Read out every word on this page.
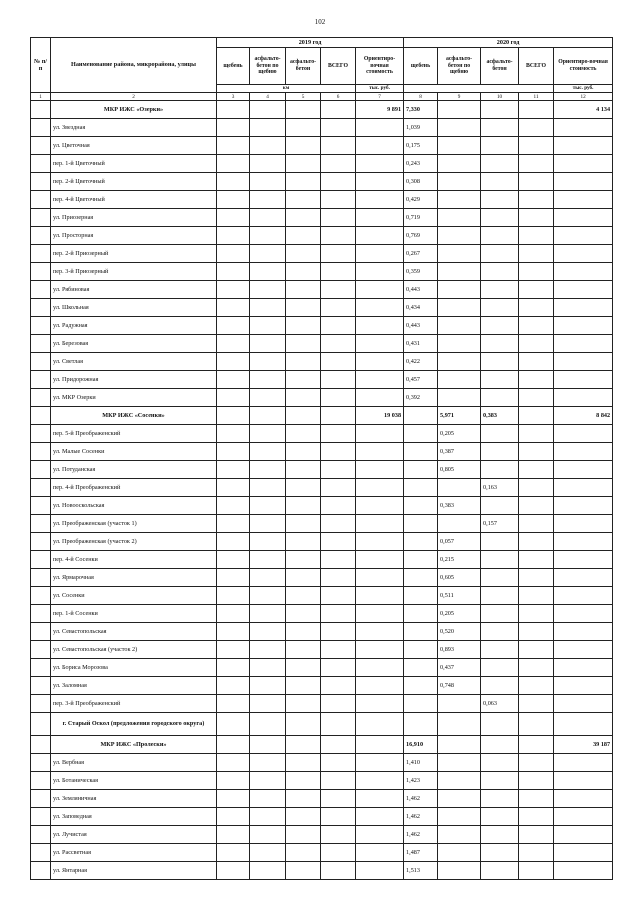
102
№ п/п	Наименование района, микрорайона, улицы	2019 год					2020 год				
		щебень	асфальто-бетон по щебню	асфальто-бетон	ВСЕГО	Ориентиро-вочная стоимость	щебень	асфальто-бетон по щебню	асфальто-бетон	ВСЕГО	Ориентиро-вочная стоимость
		км				тыс. руб.					тыс. руб.
1	2	3	4	5	6	7	8	9	10	11	12
	МКР ИЖС «Озерки»					9 891	7,330				4 134
	ул. Звездная						1,039				
	ул. Цветочная						0,175				
	пер. 1-й Цветочный						0,243				
	пер. 2-й Цветочный						0,308				
	пер. 4-й Цветочный						0,429				
	ул. Приозерная						0,719				
	ул. Просторная						0,769				
	пер. 2-й Приозерный						0,267				
	пер. 3-й Приозерный						0,359				
	ул. Рябиновая						0,443				
	ул. Школьная						0,434				
	ул. Радужная						0,443				
	ул. Березовая						0,431				
	ул. Светлая						0,422				
	ул. Придорожная						0,457				
	ул. МКР Озерки						0,392				
	МКР ИЖС «Сосенки»					19 038		5,971	0,383		8 842
	пер. 5-й Преображенский							0,205			
	ул. Малые Сосенки							0,387			
	ул. Потуданская							0,805			
	пер. 4-й Преображенский								0,163		
	ул. Новооскольская							0,383			
	ул. Преображенская (участок 1)								0,157		
	ул. Преображенская (участок 2)							0,057			
	пер. 4-й Сосенки							0,215			
	ул. Ярмарочная							0,605			
	ул. Сосенки							0,511			
	пер. 1-й Сосенки							0,205			
	ул. Севастопольская							0,520			
	ул. Севастопольская (участок 2)							0,893			
	ул. Бориса Морозова							0,437			
	ул. Заломная							0,748			
	пер. 3-й Преображенский								0,063		
	г. Старый Оскол (предложения городского округа)										
	МКР ИЖС «Пролески»						16,910				39 187
	ул. Вербная						1,410				
	ул. Ботаническая						1,423				
	ул. Земляничная						1,462				
	ул. Заповедная						1,462				
	ул. Лучистая						1,462				
	ул. Рассветная						1,487				
	ул. Янтарная						1,513				
